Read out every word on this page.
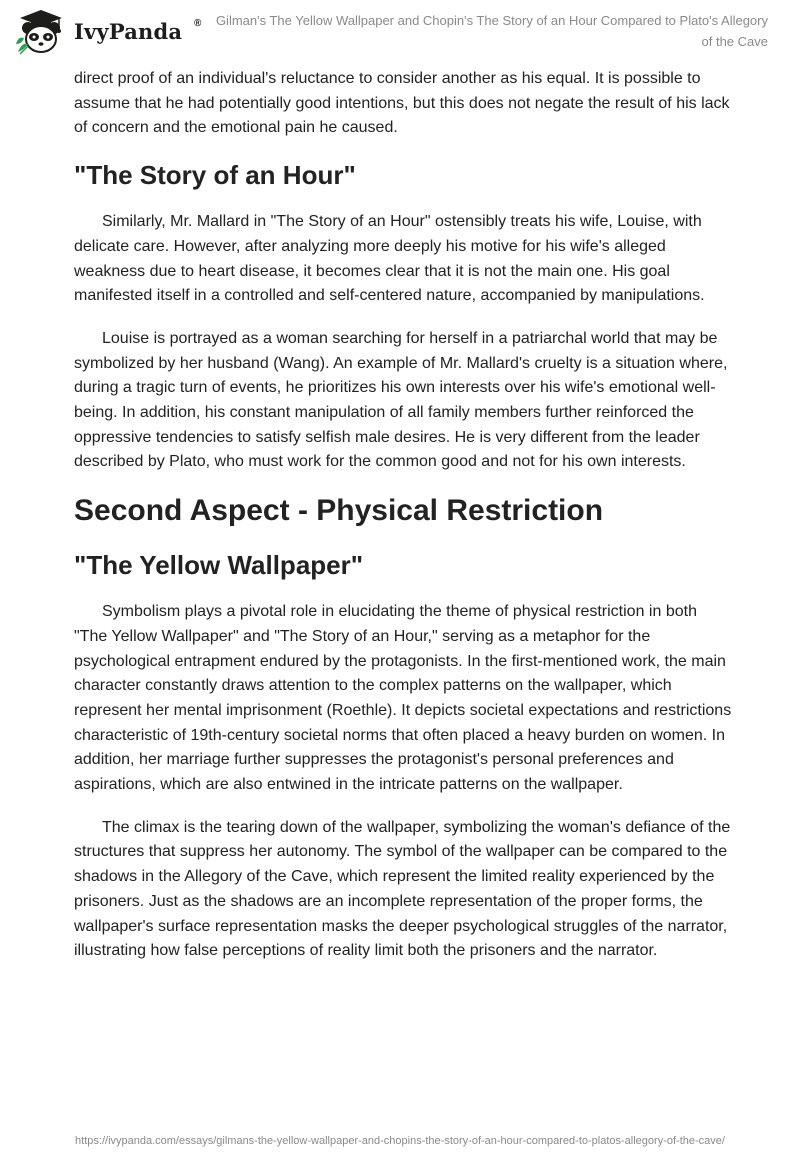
IvyPanda ®	Gilman's The Yellow Wallpaper and Chopin's The Story of an Hour Compared to Plato's Allegory of the Cave

direct proof of an individual's reluctance to consider another as his equal. It is possible to assume that he had potentially good intentions, but this does not negate the result of his lack of concern and the emotional pain he caused.

"The Story of an Hour"

Similarly, Mr. Mallard in "The Story of an Hour" ostensibly treats his wife, Louise, with delicate care. However, after analyzing more deeply his motive for his wife's alleged weakness due to heart disease, it becomes clear that it is not the main one. His goal manifested itself in a controlled and self-centered nature, accompanied by manipulations.

Louise is portrayed as a woman searching for herself in a patriarchal world that may be symbolized by her husband (Wang). An example of Mr. Mallard's cruelty is a situation where, during a tragic turn of events, he prioritizes his own interests over his wife's emotional well-being. In addition, his constant manipulation of all family members further reinforced the oppressive tendencies to satisfy selfish male desires. He is very different from the leader described by Plato, who must work for the common good and not for his own interests.

Second Aspect - Physical Restriction
"The Yellow Wallpaper"

Symbolism plays a pivotal role in elucidating the theme of physical restriction in both "The Yellow Wallpaper" and "The Story of an Hour," serving as a metaphor for the psychological entrapment endured by the protagonists. In the first-mentioned work, the main character constantly draws attention to the complex patterns on the wallpaper, which represent her mental imprisonment (Roethle). It depicts societal expectations and restrictions characteristic of 19th-century societal norms that often placed a heavy burden on women. In addition, her marriage further suppresses the protagonist's personal preferences and aspirations, which are also entwined in the intricate patterns on the wallpaper.

The climax is the tearing down of the wallpaper, symbolizing the woman's defiance of the structures that suppress her autonomy. The symbol of the wallpaper can be compared to the shadows in the Allegory of the Cave, which represent the limited reality experienced by the prisoners. Just as the shadows are an incomplete representation of the proper forms, the wallpaper's surface representation masks the deeper psychological struggles of the narrator, illustrating how false perceptions of reality limit both the prisoners and the narrator.

https://ivypanda.com/essays/gilmans-the-yellow-wallpaper-and-chopins-the-story-of-an-hour-compared-to-platos-allegory-of-the-cave/
